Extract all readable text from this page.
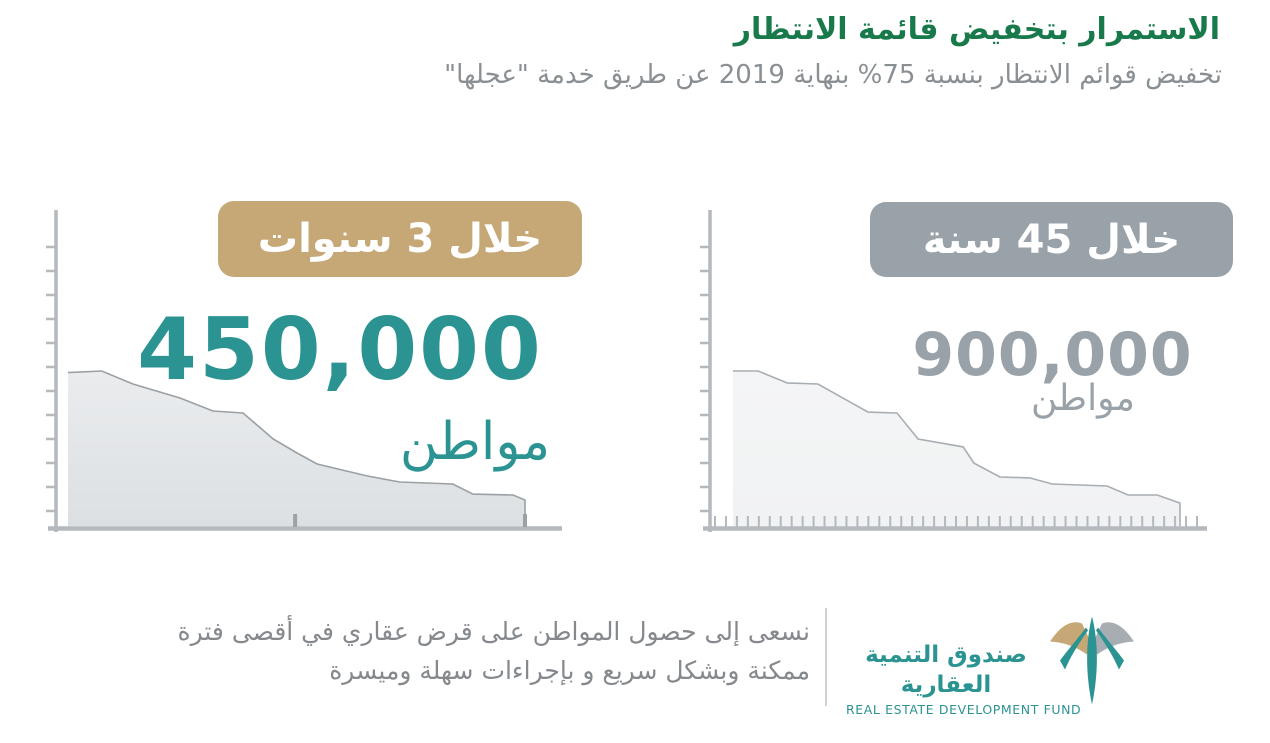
الاستمرار بتخفيض قائمة الانتظار
تخفيض قوائم الانتظار بنسبة 75% بنهاية 2019 عن طريق خدمة "عجلها"
خلال 3 سنوات
450,000
مواطن
خلال 45 سنة
900,000
مواطن
نسعى إلى حصول المواطن على قرض عقاري في أقصى فترة
ممكنة وبشكل سريع و بإجراءات سهلة وميسرة
صندوق التنمية العقارية
REAL ESTATE DEVELOPMENT FUND
